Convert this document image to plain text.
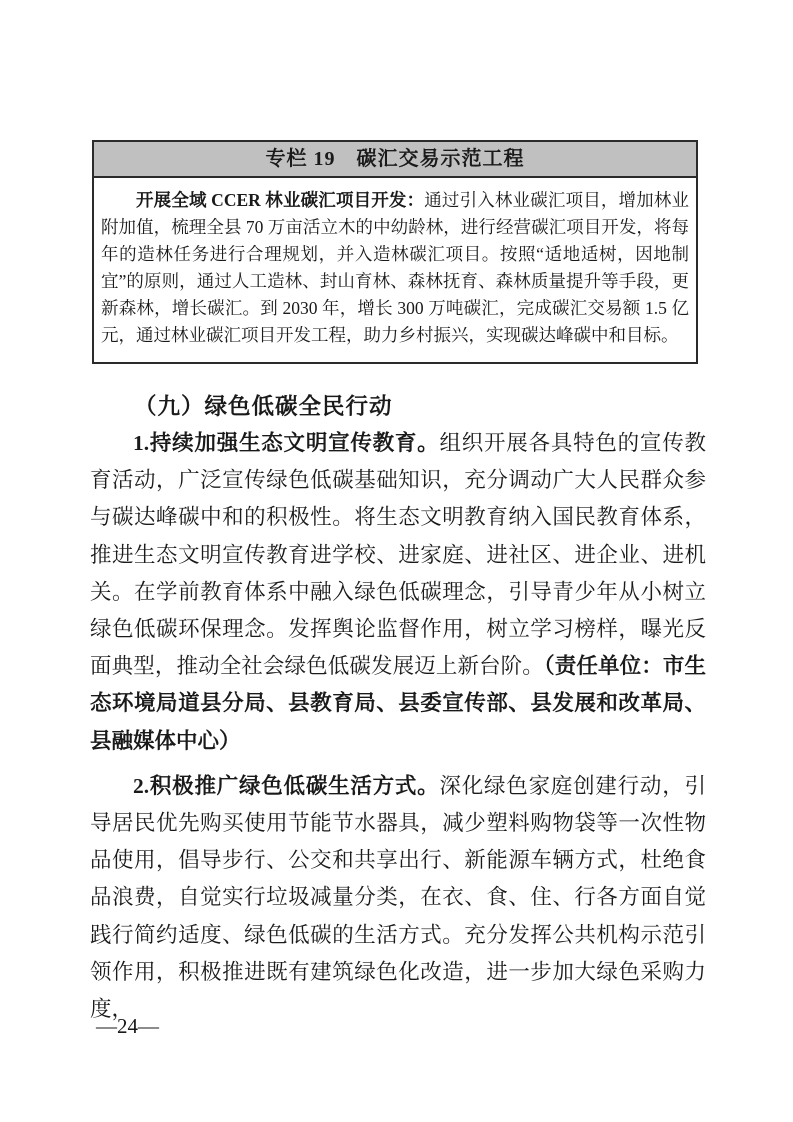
专栏 19　碳汇交易示范工程

开展全域 CCER 林业碳汇项目开发：通过引入林业碳汇项目，增加林业附加值，梳理全县 70 万亩活立木的中幼龄林，进行经营碳汇项目开发，将每年的造林任务进行合理规划，并入造林碳汇项目。按照“适地适树，因地制宜”的原则，通过人工造林、封山育林、森林抚育、森林质量提升等手段，更新森林，增长碳汇。到 2030 年，增长 300 万吨碳汇，完成碳汇交易额 1.5 亿元，通过林业碳汇项目开发工程，助力乡村振兴，实现碳达峰碳中和目标。

（九）绿色低碳全民行动

1.持续加强生态文明宣传教育。组织开展各具特色的宣传教育活动，广泛宣传绿色低碳基础知识，充分调动广大人民群众参与碳达峰碳中和的积极性。将生态文明教育纳入国民教育体系，推进生态文明宣传教育进学校、进家庭、进社区、进企业、进机关。在学前教育体系中融入绿色低碳理念，引导青少年从小树立绿色低碳环保理念。发挥舆论监督作用，树立学习榜样，曝光反面典型，推动全社会绿色低碳发展迈上新台阶。（责任单位：市生态环境局道县分局、县教育局、县委宣传部、县发展和改革局、县融媒体中心）

2.积极推广绿色低碳生活方式。深化绿色家庭创建行动，引导居民优先购买使用节能节水器具，减少塑料购物袋等一次性物品使用，倡导步行、公交和共享出行、新能源车辆方式，杜绝食品浪费，自觉实行垃圾减量分类，在衣、食、住、行各方面自觉践行简约适度、绿色低碳的生活方式。充分发挥公共机构示范引领作用，积极推进既有建筑绿色化改造，进一步加大绿色采购力度，

—24—
